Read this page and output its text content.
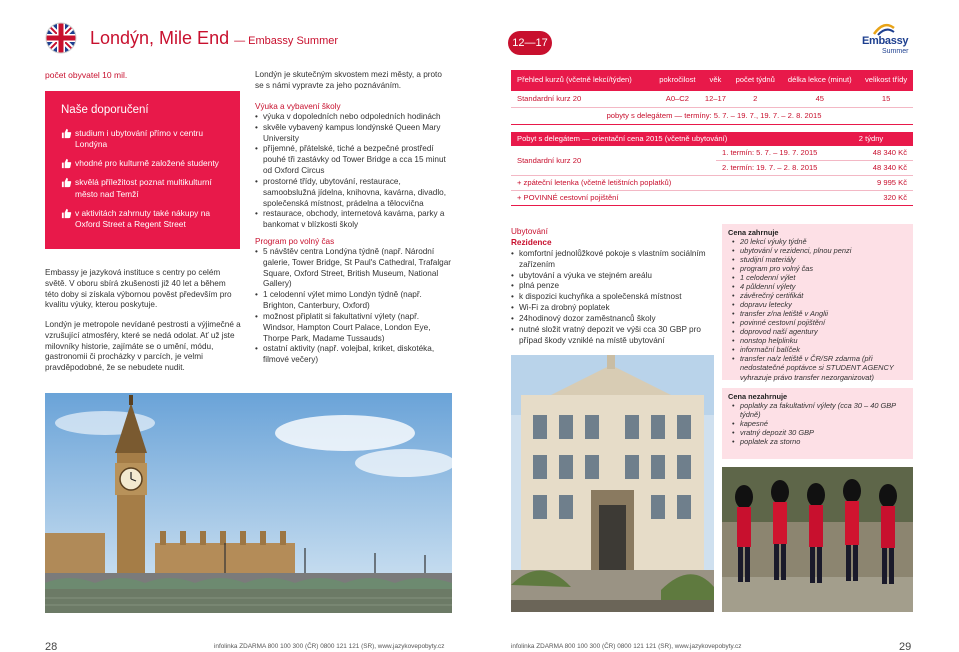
Londýn, Mile End — Embassy Summer	12—17	Embassy
Summer
počet obyvatel 10 mil.
Naše doporučení
studium i ubytování přímo v centru Londýna
vhodné pro kulturně založené studenty
skvělá příležitost poznat multikulturní město nad Temží
v aktivitách zahrnuty také nákupy na Oxford Street a Regent Street

Embassy je jazyková instituce s centry po celém světě. V oboru sbírá zkušenosti již 40 let a během této doby si získala výbornou pověst především pro kvalitu výuky, kterou poskytuje.

Londýn je metropole nevídané pestrosti a výjimečné a vzrušující atmosféry, které se nedá odolat. Ať už jste milovníky historie, zajímáte se o umění, módu, gastronomii či procházky v parcích, je velmi pravděpodobné, že se nebudete nudit.

Londýn je skutečným skvostem mezi městy, a proto se s námi vypravte za jeho poznáváním.

Výuka a vybavení školy
• výuka v dopoledních nebo odpoledních hodinách
• skvěle vybavený kampus londýnské Queen Mary University
• příjemné, přátelské, tiché a bezpečné prostředí pouhé tři zastávky od Tower Bridge a cca 15 minut od Oxford Circus
• prostorné třídy, ubytování, restaurace, samoobslužná jídelna, knihovna, kavárna, divadlo, společenská místnost, prádelna a tělocvična
• restaurace, obchody, internetová kavárna, parky a bankomat v blízkosti školy
Program po volný čas
• 5 návštěv centra Londýna týdně (např. Národní galerie, Tower Bridge, St Paul's Cathedral, Trafalgar Square, Oxford Street, British Museum, National Gallery)
• 1 celodenní výlet mimo Londýn týdně (např. Brighton, Canterbury, Oxford)
• možnost připlatit si fakultativní výlety (např. Windsor, Hampton Court Palace, London Eye, Thorpe Park, Madame Tussauds)
• ostatní aktivity (např. volejbal, kriket, diskotéka, filmové večery)
Přehled kurzů (včetně lekcí/týden)	pokročilost	věk	počet týdnů	délka lekce (minut)	velikost třídy
Standardní kurz 20	A0–C2	12–17	2	45	15
pobyty s delegátem — termíny: 5. 7. – 19. 7., 19. 7. – 2. 8. 2015					
Pobyt s delegátem — orientační cena 2015 (včetně ubytování)		2 týdny
Standardní kurz 20	1. termín: 5. 7. – 19. 7. 2015	48 340 Kč
	2. termín: 19. 7. – 2. 8. 2015	48 340 Kč
+ zpáteční letenka (včetně letištních poplatků)		9 995 Kč
+ POVINNÉ cestovní pojištění		320 Kč
Ubytování
Rezidence
• komfortní jednolůžkové pokoje s vlastním sociálním zařízením
• ubytování a výuka ve stejném areálu
• plná penze
• k dispozici kuchyňka a společenská místnost
• Wi-Fi za drobný poplatek
• 24hodinový dozor zaměstnanců školy
• nutné složit vratný depozit ve výši cca 30 GBP pro případ škody vzniklé na místě ubytování
Cena zahrnuje
• 20 lekcí výuky týdně
• ubytování v rezidenci, plnou penzi
• studijní materiály
• program pro volný čas
• 1 celodenní výlet
• 4 půldenní výlety
• závěrečný certifikát
• dopravu letecky
• transfer z/na letiště v Anglii
• povinné cestovní pojištění
• doprovod naší agentury
• nonstop helplinku
• informační balíček
• transfer na/z letiště v ČR/SR zdarma (při nedostatečné poptávce si STUDENT AGENCY vyhrazuje právo transfer nezorganizovat)
Cena nezahrnuje
• poplatky za fakultativní výlety (cca 30 – 40 GBP týdně)
• kapesné
• vratný depozit 30 GBP
• poplatek za storno
28	infolinka ZDARMA 800 100 300 (ČR) 0800 121 121 (SR), www.jazykovepobyty.cz	infolinka ZDARMA 800 100 300 (ČR) 0800 121 121 (SR), www.jazykovepobyty.cz	29
